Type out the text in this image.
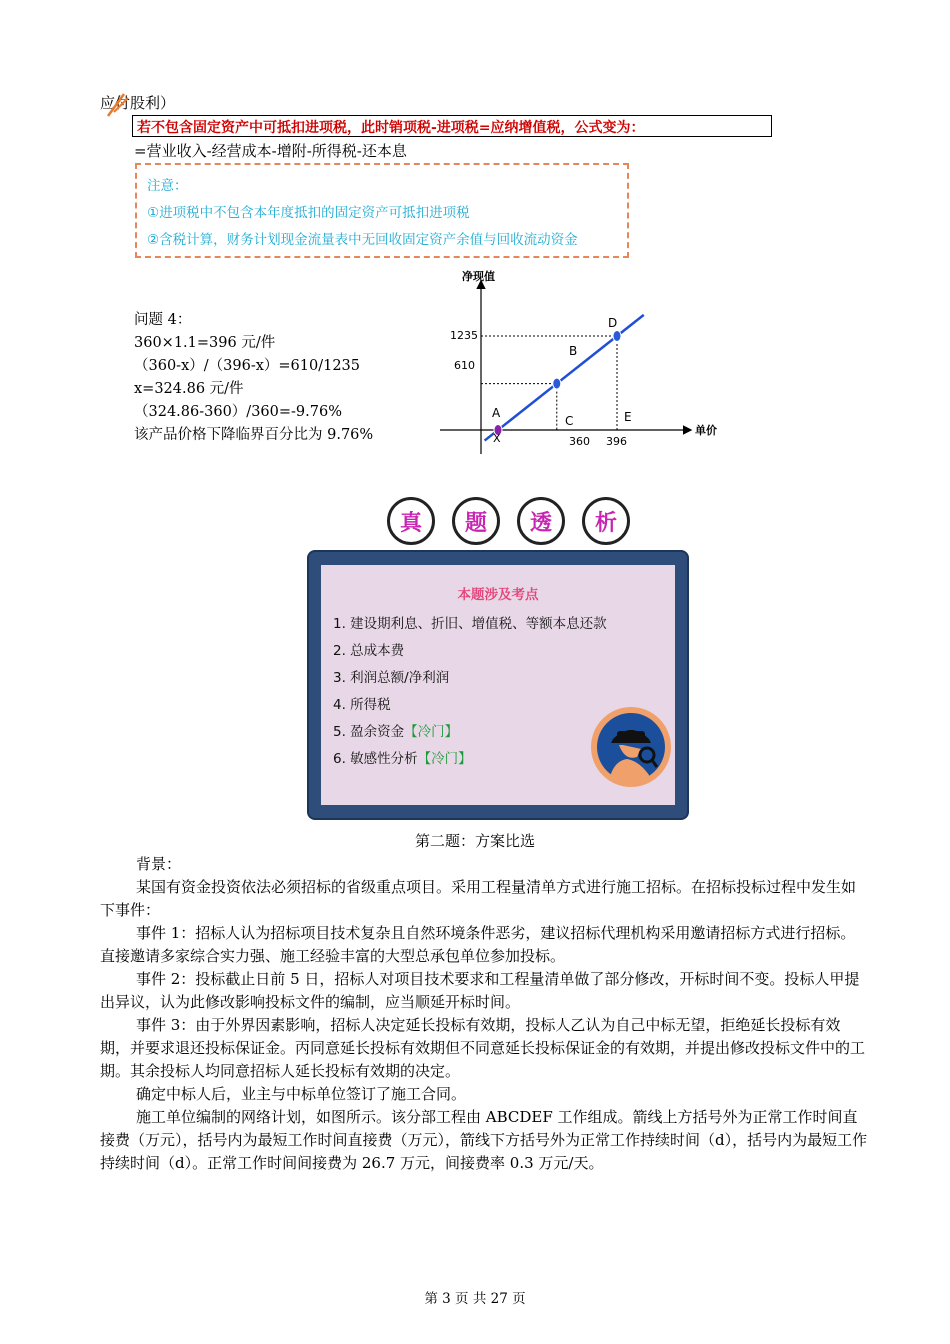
应付股利）
若不包含固定资产中可抵扣进项税，此时销项税-进项税=应纳增值税，公式变为：
=营业收入-经营成本-增附-所得税-还本息
注意：
①进项税中不包含本年度抵扣的固定资产可抵扣进项税
②含税计算，财务计划现金流量表中无回收固定资产余值与回收流动资金
问题 4：
360×1.1=396 元/件
（360-x）/（396-x）=610/1235
x=324.86 元/件
（324.86-360）/360=-9.76%
该产品价格下降临界百分比为 9.76%
净现值
单价
1235
610
360 396
A
B
D
X
C	E
真	题	透	析
本题涉及考点
1. 建设期利息、折旧、增值税、等额本息还款
2. 总成本费
3. 利润总额/净利润
4. 所得税
5. 盈余资金【冷门】
6. 敏感性分析【冷门】
第二题：方案比选
背景：
某国有资金投资依法必须招标的省级重点项目。采用工程量清单方式进行施工招标。在招标投标过程中发生如下事件：
事件 1：招标人认为招标项目技术复杂且自然环境条件恶劣，建议招标代理机构采用邀请招标方式进行招标。直接邀请多家综合实力强、施工经验丰富的大型总承包单位参加投标。
事件 2：投标截止日前 5 日，招标人对项目技术要求和工程量清单做了部分修改，开标时间不变。投标人甲提出异议，认为此修改影响投标文件的编制，应当顺延开标时间。
事件 3：由于外界因素影响，招标人决定延长投标有效期，投标人乙认为自己中标无望，拒绝延长投标有效期，并要求退还投标保证金。丙同意延长投标有效期但不同意延长投标保证金的有效期，并提出修改投标文件中的工期。其余投标人均同意招标人延长投标有效期的决定。
确定中标人后，业主与中标单位签订了施工合同。
施工单位编制的网络计划，如图所示。该分部工程由 ABCDEF 工作组成。箭线上方括号外为正常工作时间直接费（万元），括号内为最短工作时间直接费（万元），箭线下方括号外为正常工作持续时间（d），括号内为最短工作持续时间（d）。正常工作时间间接费为 26.7 万元，间接费率 0.3 万元/天。
第 3 页 共 27 页
